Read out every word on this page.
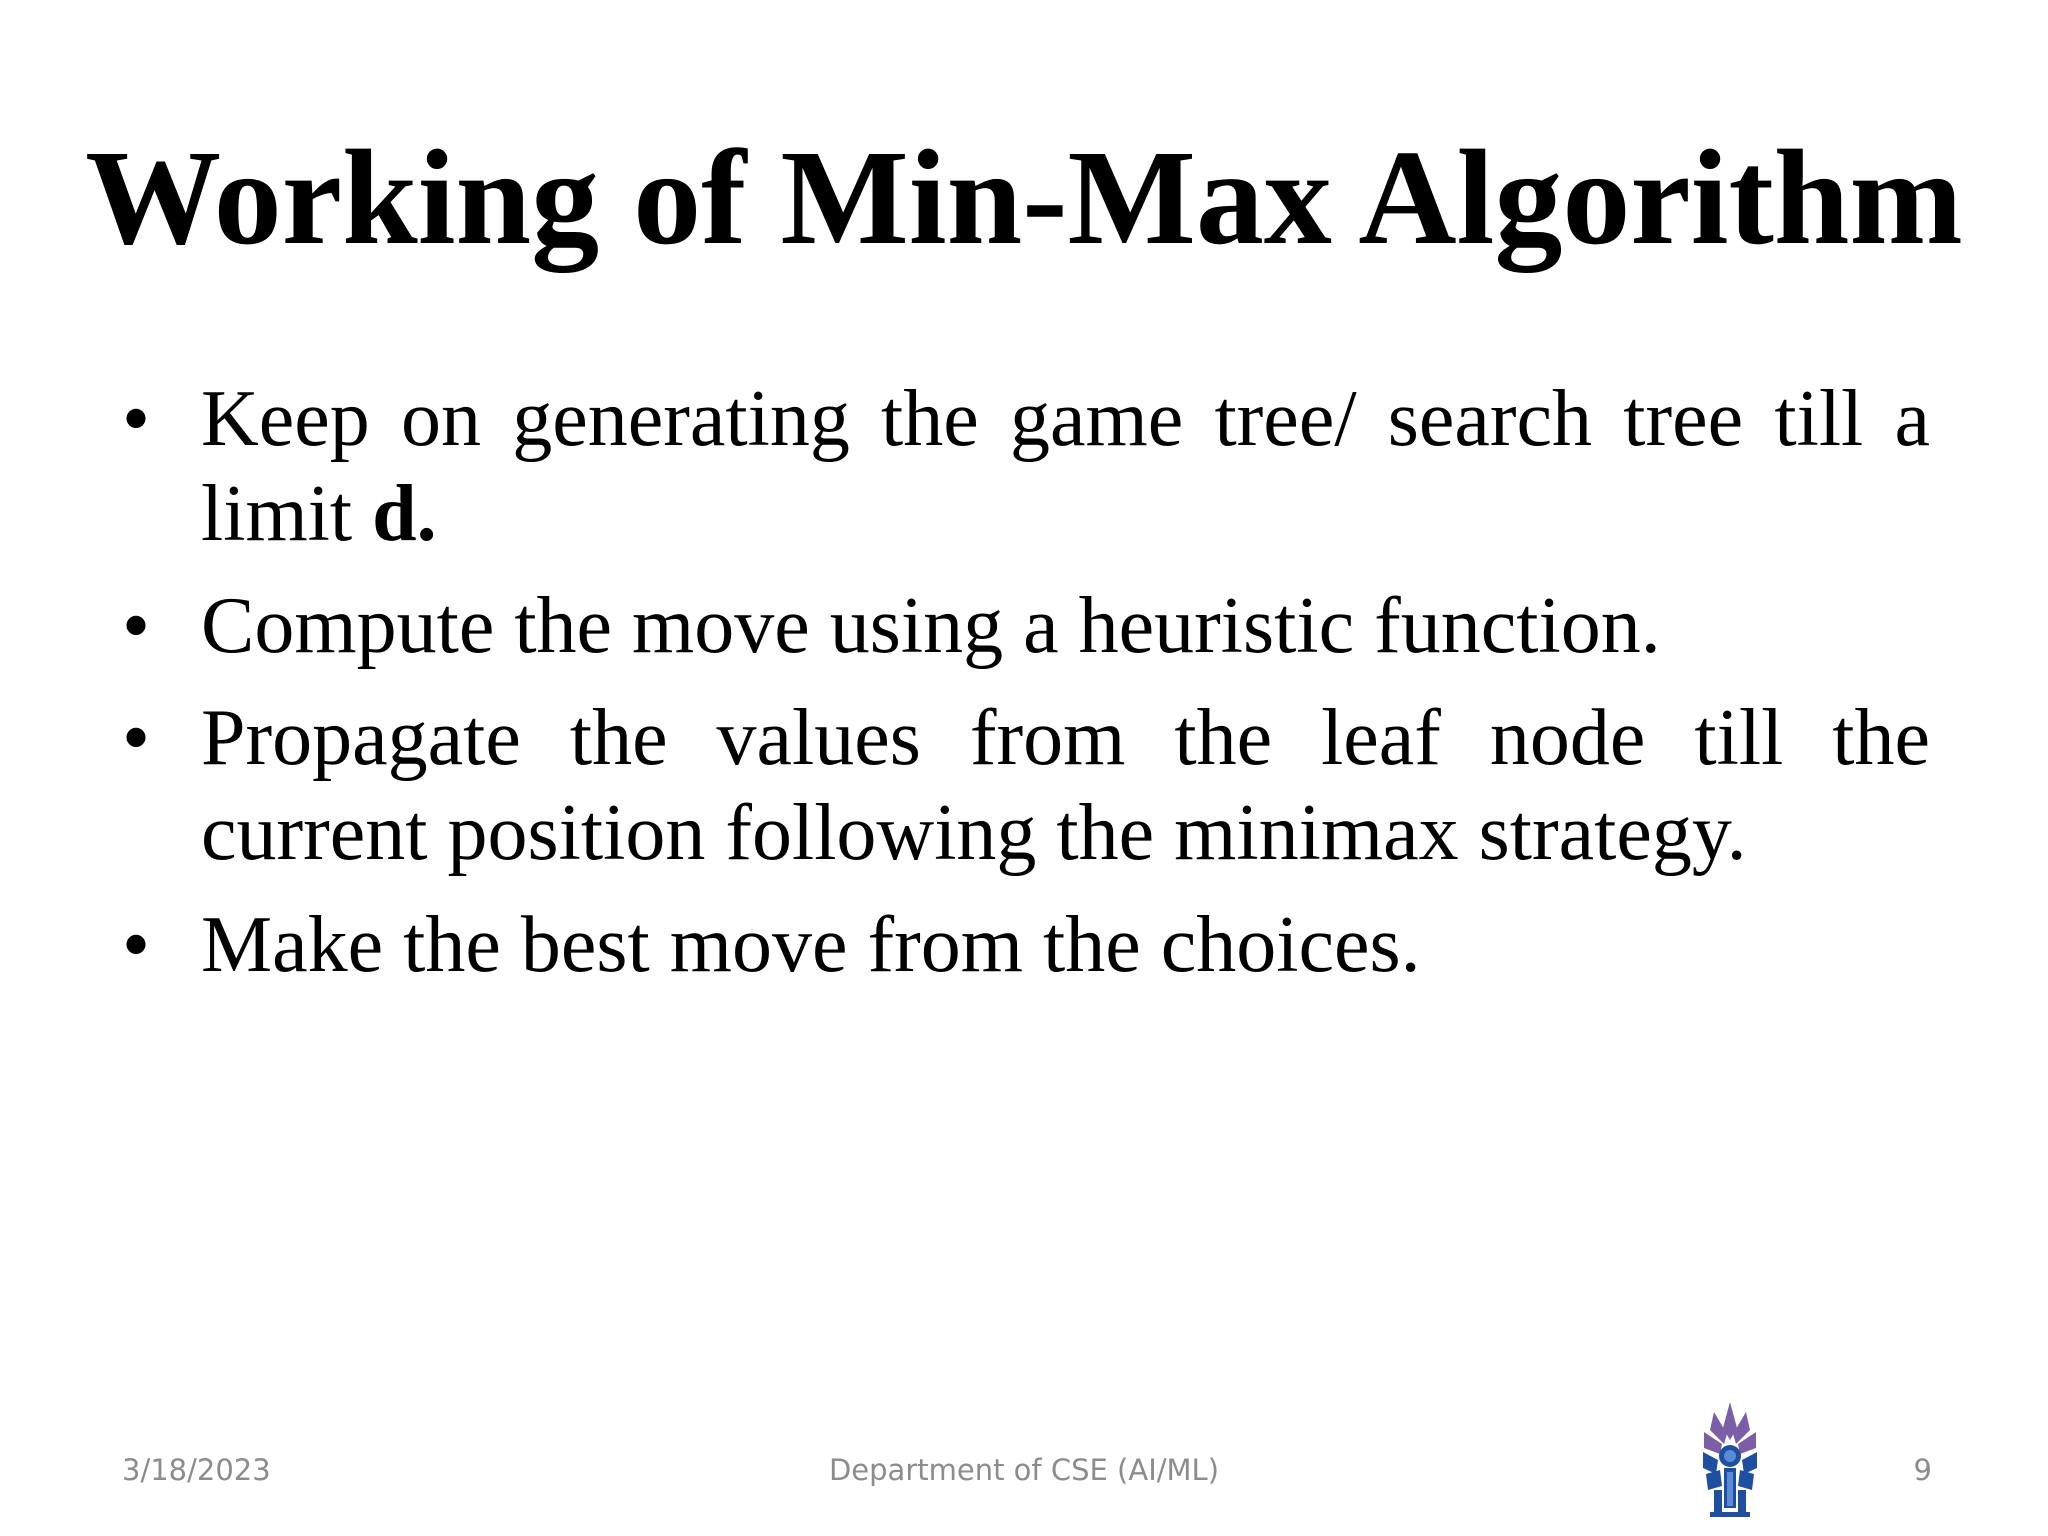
Working of Min-Max Algorithm
• Keep on generating the game tree/ search tree till a limit d.
• Compute the move using a heuristic function.
• Propagate the values from the leaf node till the current position following the minimax strategy.
• Make the best move from the choices.
3/18/2023	Department of CSE (AI/ML)	9
